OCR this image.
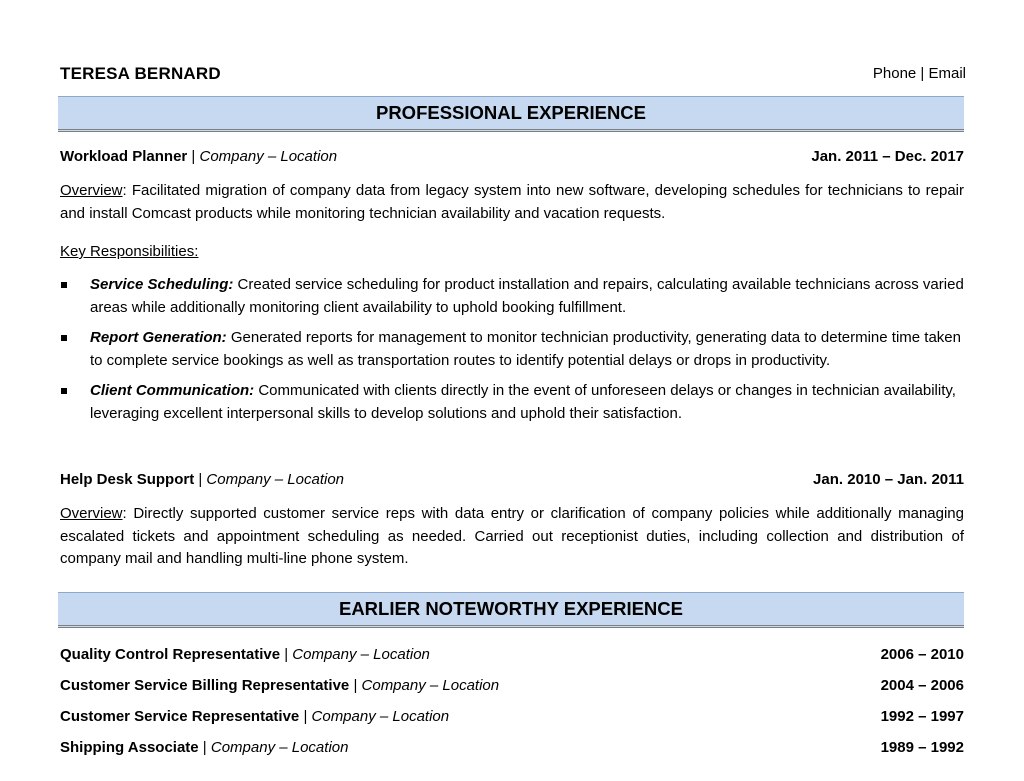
TERESA BERNARD	Phone | Email
PROFESSIONAL EXPERIENCE
Workload Planner | Company – Location	Jan. 2011 – Dec. 2017
Overview: Facilitated migration of company data from legacy system into new software, developing schedules for technicians to repair and install Comcast products while monitoring technician availability and vacation requests.
Key Responsibilities:
Service Scheduling: Created service scheduling for product installation and repairs, calculating available technicians across varied areas while additionally monitoring client availability to uphold booking fulfillment.
Report Generation: Generated reports for management to monitor technician productivity, generating data to determine time taken to complete service bookings as well as transportation routes to identify potential delays or drops in productivity.
Client Communication: Communicated with clients directly in the event of unforeseen delays or changes in technician availability, leveraging excellent interpersonal skills to develop solutions and uphold their satisfaction.
Help Desk Support | Company – Location	Jan. 2010 – Jan. 2011
Overview: Directly supported customer service reps with data entry or clarification of company policies while additionally managing escalated tickets and appointment scheduling as needed. Carried out receptionist duties, including collection and distribution of company mail and handling multi-line phone system.
EARLIER NOTEWORTHY EXPERIENCE
Quality Control Representative | Company – Location	2006 – 2010
Customer Service Billing Representative | Company – Location	2004 – 2006
Customer Service Representative | Company – Location	1992 – 1997
Shipping Associate | Company – Location	1989 – 1992
